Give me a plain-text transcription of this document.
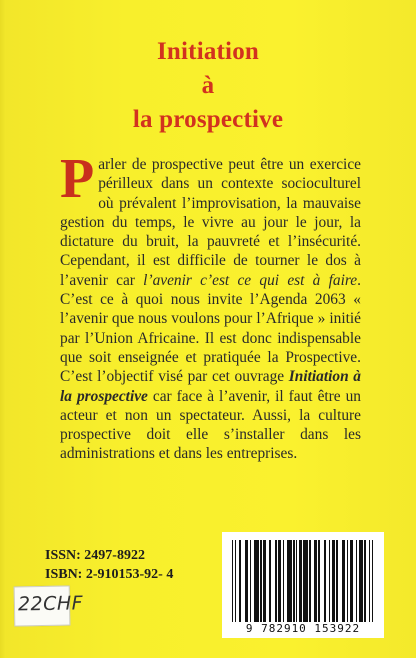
Initiation
à
la prospective

Parler de prospective peut être un exercice périlleux dans un contexte socioculturel où prévalent l’improvisation, la mauvaise gestion du temps, le vivre au jour le jour, la dictature du bruit, la pauvreté et l’insécurité. Cependant, il est difficile de tourner le dos à l’avenir car l’avenir c’est ce qui est à faire. C’est ce à quoi nous invite l’Agenda 2063 « l’avenir que nous voulons pour l’Afrique » initié par l’Union Africaine. Il est donc indispensable que soit enseignée et pratiquée la Prospective. C’est l’objectif visé par cet ouvrage Initiation à la prospective car face à l’avenir, il faut être un acteur et non un spectateur. Aussi, la culture prospective doit elle s’installer dans les administrations et dans les entreprises.

ISSN: 2497-8922
ISBN: 2-910153-92- 4
22CHF
9 782910 153922
